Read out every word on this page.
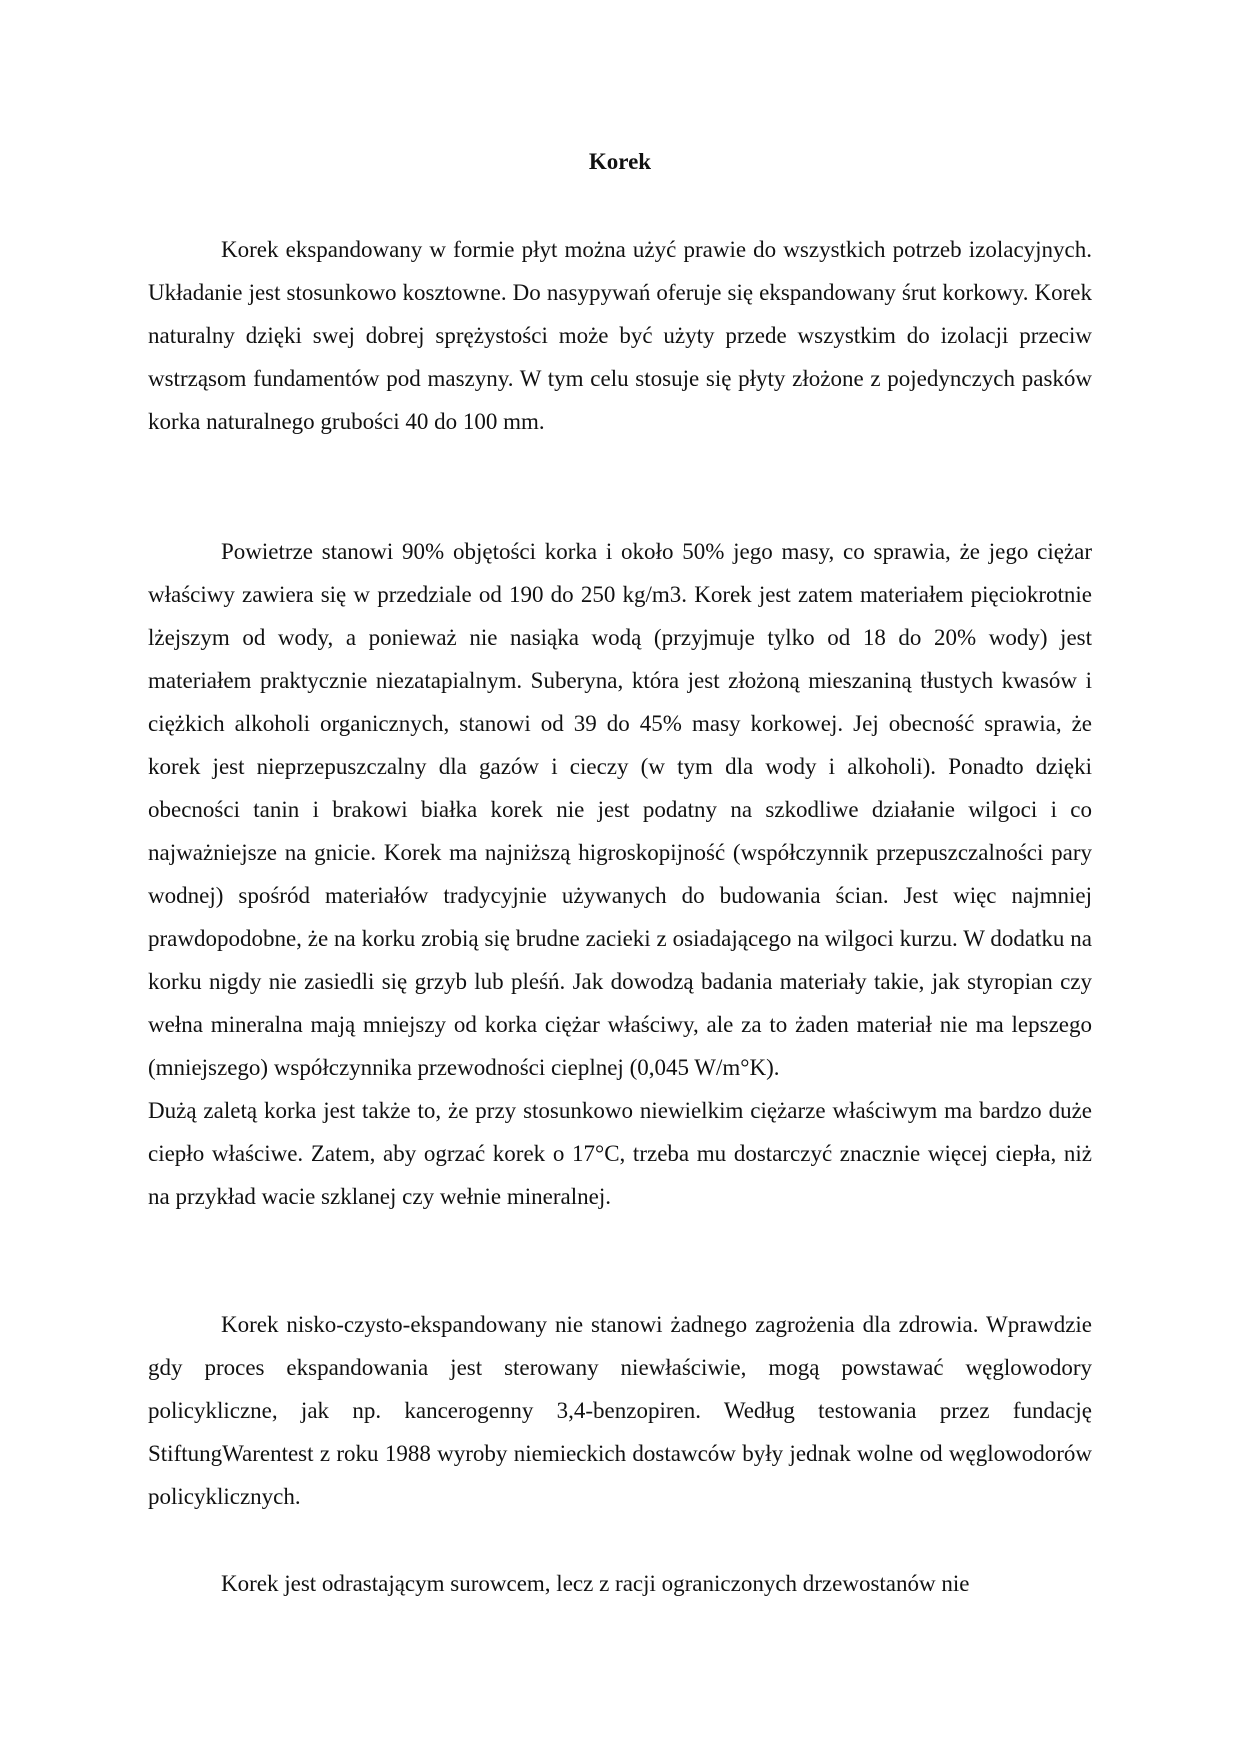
Korek

Korek ekspandowany w formie płyt można użyć prawie do wszystkich potrzeb izolacyjnych. Układanie jest stosunkowo kosztowne. Do nasypywań oferuje się ekspandowany śrut korkowy. Korek naturalny dzięki swej dobrej sprężystości może być użyty przede wszystkim do izolacji przeciw wstrząsom fundamentów pod maszyny. W tym celu stosuje się płyty złożone z pojedynczych pasków korka naturalnego grubości 40 do 100 mm.

Powietrze stanowi 90% objętości korka i około 50% jego masy, co sprawia, że jego ciężar właściwy zawiera się w przedziale od 190 do 250 kg/m3. Korek jest zatem materiałem pięciokrotnie lżejszym od wody, a ponieważ nie nasiąka wodą (przyjmuje tylko od 18 do 20% wody) jest materiałem praktycznie niezatapialnym. Suberyna, która jest złożoną mieszaniną tłustych kwasów i ciężkich alkoholi organicznych, stanowi od 39 do 45% masy korkowej. Jej obecność sprawia, że korek jest nieprzepuszczalny dla gazów i cieczy (w tym dla wody i alkoholi). Ponadto dzięki obecności tanin i brakowi białka korek nie jest podatny na szkodliwe działanie wilgoci i co najważniejsze na gnicie. Korek ma najniższą higroskopijność (współczynnik przepuszczalności pary wodnej) spośród materiałów tradycyjnie używanych do budowania ścian. Jest więc najmniej prawdopodobne, że na korku zrobią się brudne zacieki z osiadającego na wilgoci kurzu. W dodatku na korku nigdy nie zasiedli się grzyb lub pleśń. Jak dowodzą badania materiały takie, jak styropian czy wełna mineralna mają mniejszy od korka ciężar właściwy, ale za to żaden materiał nie ma lepszego (mniejszego) współczynnika przewodności cieplnej (0,045 W/m°K).

Dużą zaletą korka jest także to, że przy stosunkowo niewielkim ciężarze właściwym ma bardzo duże ciepło właściwe. Zatem, aby ogrzać korek o 17°C, trzeba mu dostarczyć znacznie więcej ciepła, niż na przykład wacie szklanej czy wełnie mineralnej.

Korek nisko-czysto-ekspandowany nie stanowi żadnego zagrożenia dla zdrowia. Wprawdzie gdy proces ekspandowania jest sterowany niewłaściwie, mogą powstawać węglowodory policykliczne, jak np. kancerogenny 3,4-benzopiren. Według testowania przez fundację StiftungWarentest z roku 1988 wyroby niemieckich dostawców były jednak wolne od węglowodorów policyklicznych.

Korek jest odrastającym surowcem, lecz z racji ograniczonych drzewostanów nie
